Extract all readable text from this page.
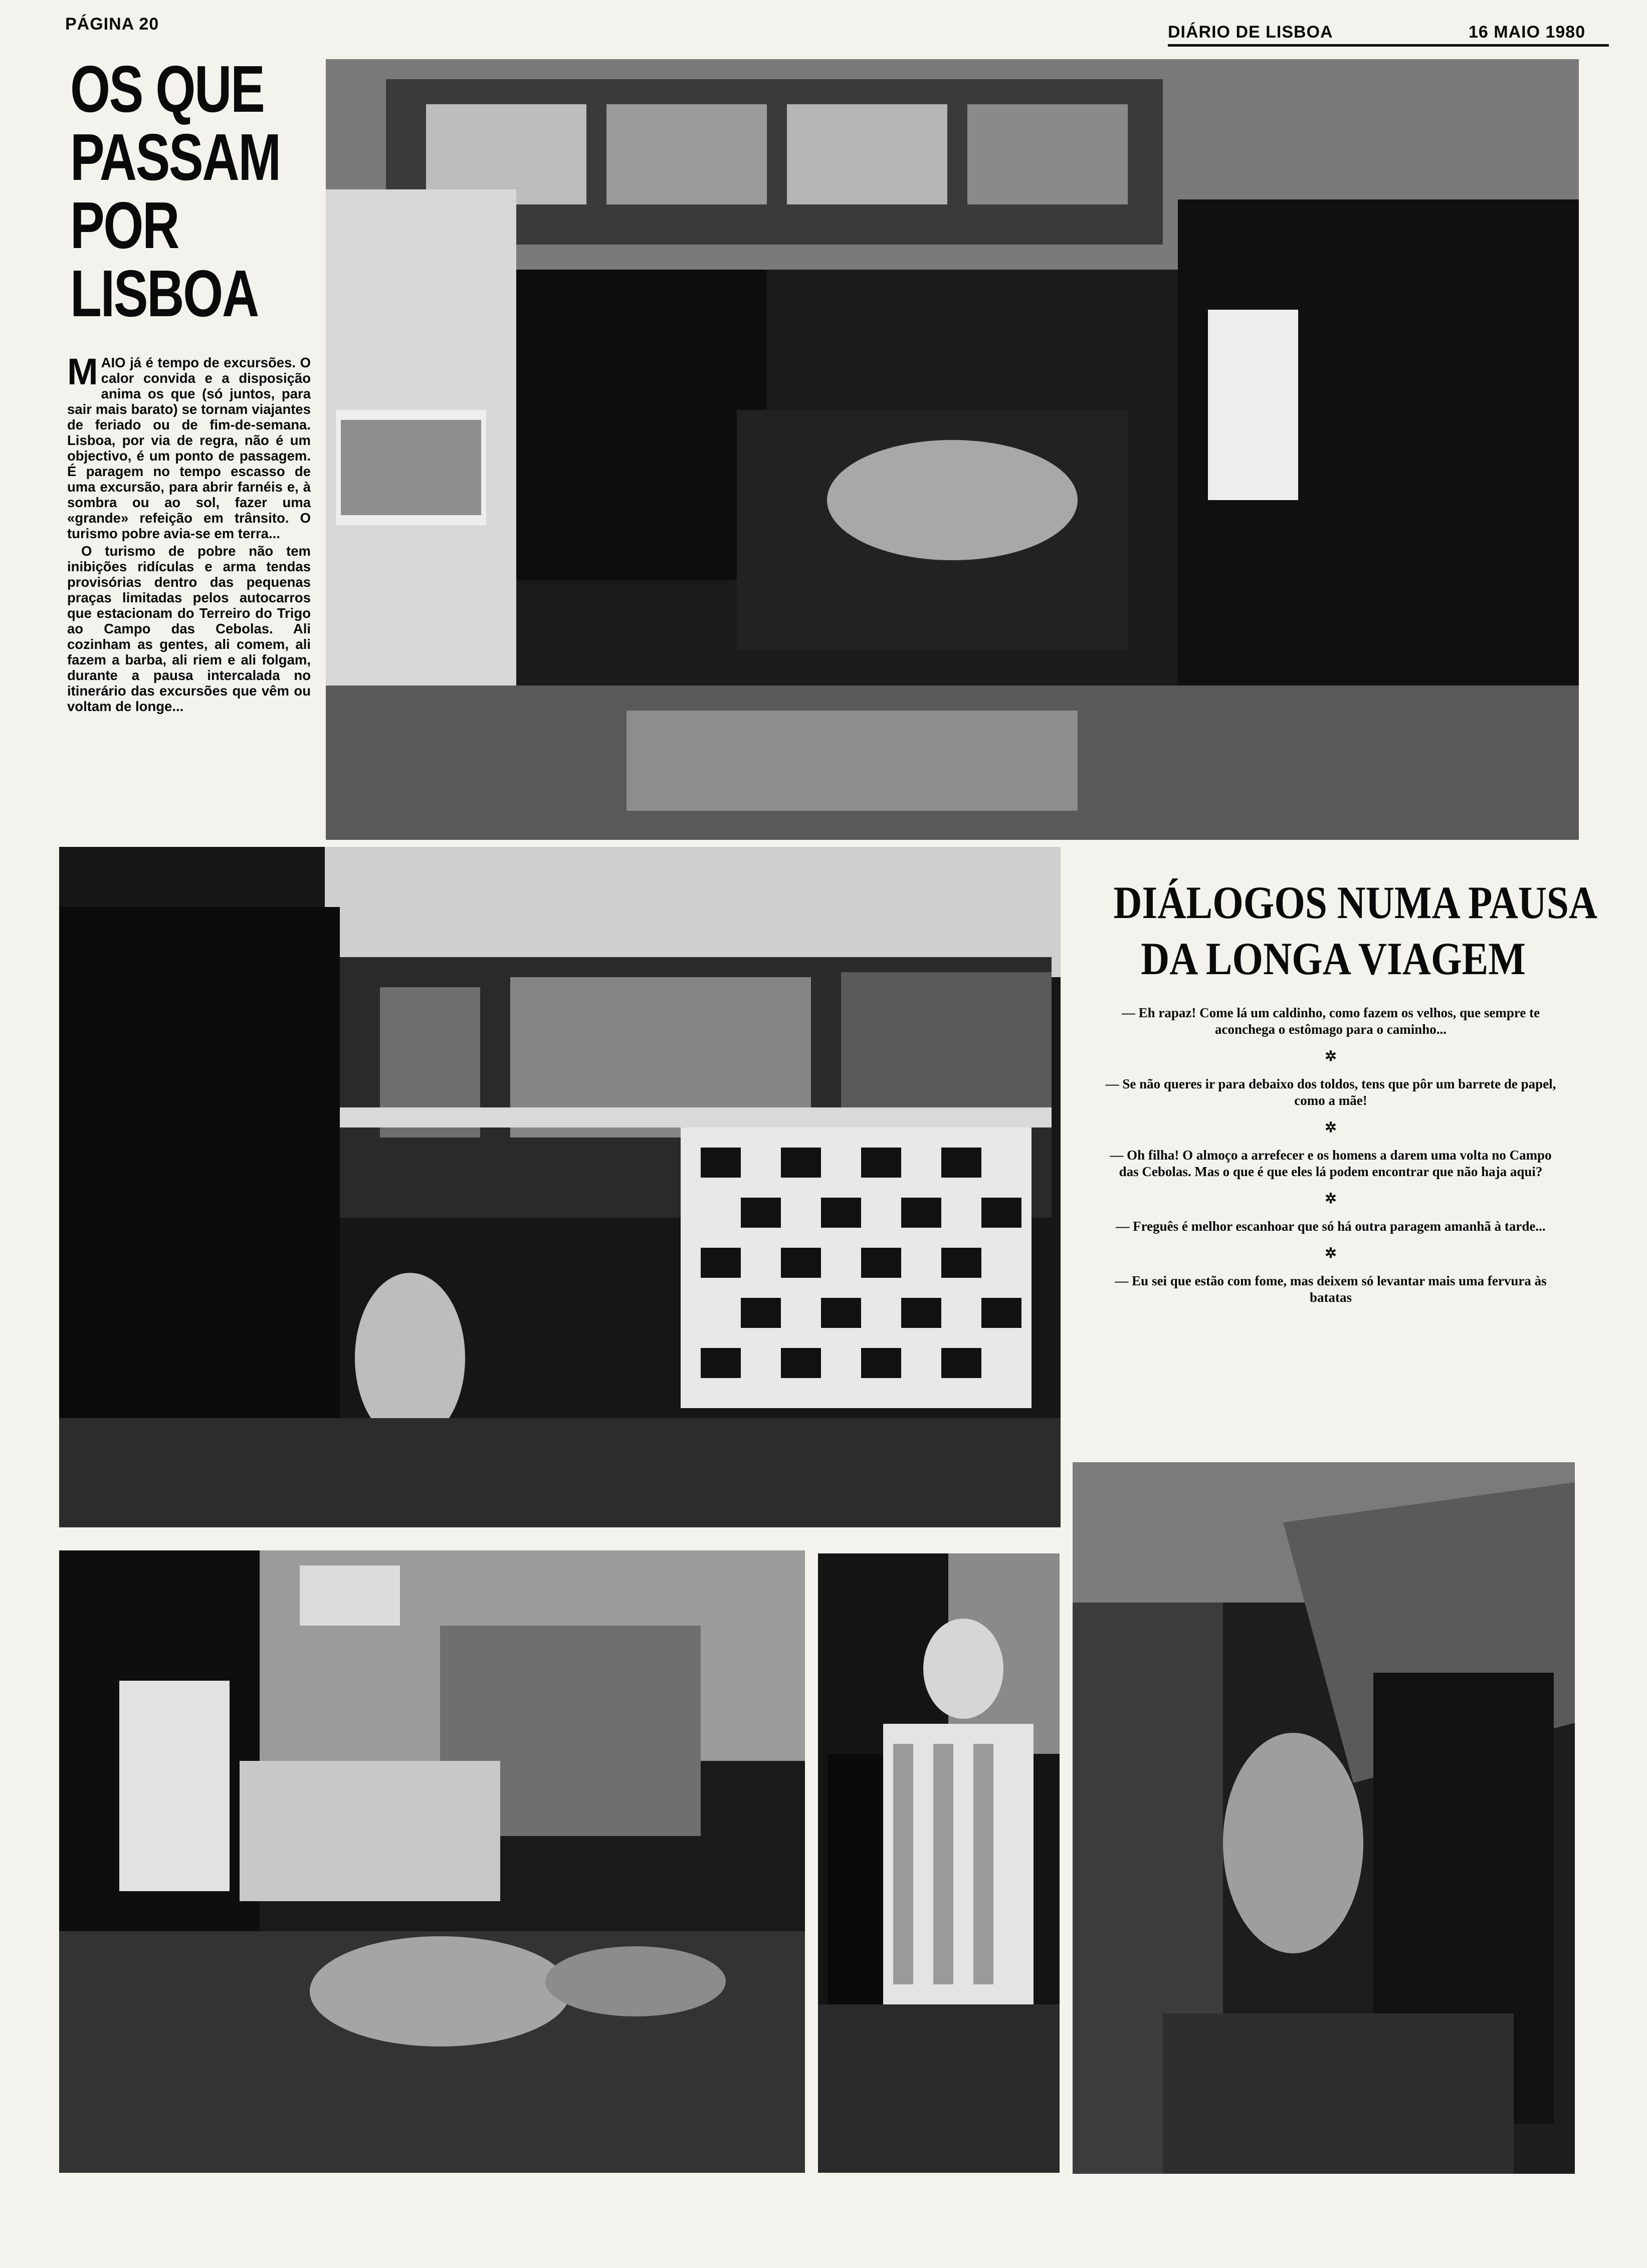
PÁGINA 20	DIÁRIO DE LISBOA	16 MAIO 1980
OS QUE
PASSAM
POR
LISBOA

MAIO já é tempo de excursões. O calor convida e a disposição anima os que (só juntos, para sair mais barato) se tornam viajantes de feriado ou de fim-de-semana. Lisboa, por via de regra, não é um objectivo, é um ponto de passagem. É paragem no tempo escasso de uma excursão, para abrir farnéis e, à sombra ou ao sol, fazer uma «grande» refeição em trânsito. O turismo pobre avia-se em terra...

O turismo de pobre não tem inibições ridículas e arma tendas provisórias dentro das pequenas praças limitadas pelos autocarros que estacionam do Terreiro do Trigo ao Campo das Cebolas. Ali cozinham as gentes, ali comem, ali fazem a barba, ali riem e ali folgam, durante a pausa intercalada no itinerário das excursões que vêm ou voltam de longe...

DIÁLOGOS NUMA PAUSA
DA LONGA VIAGEM

— Eh rapaz! Come lá um caldinho, como fazem os velhos, que sempre te aconchega o estômago para o caminho...

✲

— Se não queres ir para debaixo dos toldos, tens que pôr um barrete de papel, como a mãe!

✲

— Oh filha! O almoço a arrefecer e os homens a darem uma volta no Campo das Cebolas. Mas o que é que eles lá podem encontrar que não haja aqui?

✲

— Freguês é melhor escanhoar que só há outra paragem amanhã à tarde...

✲

— Eu sei que estão com fome, mas deixem só levantar mais uma fervura às batatas
